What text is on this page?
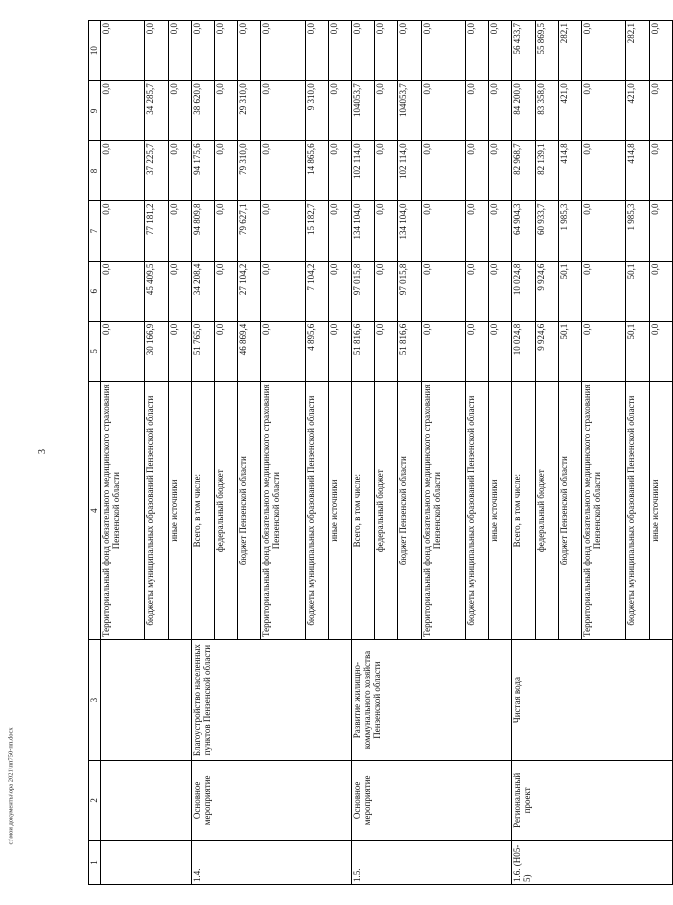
3
c:\мои документы\ора 2021\пп750-пп.docx
1	2	3	4	5	6	7	8	9	10
			Территориальный фонд обязательного медицинского страхования Пензенской области	0,0	0,0	0,0	0,0	0,0	0,0
			бюджеты муниципальных образований Пензенской области	30 166,9	45 409,5	77 181,2	37 225,7	34 285,7	0,0
			иные источники	0,0	0,0	0,0	0,0	0,0	0,0
1.4.	Основное мероприятие	Благоустройство населенных пунктов Пензенской области	Всего, в том числе:	51 765,0	34 208,4	94 809,8	94 175,6	38 620,0	0,0
			федеральный бюджет	0,0	0,0	0,0	0,0	0,0	0,0
			бюджет Пензенской области	46 869,4	27 104,2	79 627,1	79 310,0	29 310,0	0,0
			Территориальный фонд обязательного медицинского страхования Пензенской области	0,0	0,0	0,0	0,0	0,0	0,0
			бюджеты муниципальных образований Пензенской области	4 895,6	7 104,2	15 182,7	14 865,6	9 310,0	0,0
			иные источники	0,0	0,0	0,0	0,0	0,0	0,0
1.5.	Основное мероприятие	Развитие жилищно-коммунального хозяйства Пензенской области	Всего, в том числе:	51 816,6	97 015,8	134 104,0	102 114,0	104053,7	0,0
			федеральный бюджет	0,0	0,0	0,0	0,0	0,0	0,0
			бюджет Пензенской области	51 816,6	97 015,8	134 104,0	102 114,0	104053,7	0,0
			Территориальный фонд обязательного медицинского страхования Пензенской области	0,0	0,0	0,0	0,0	0,0	0,0
			бюджеты муниципальных образований Пензенской области	0,0	0,0	0,0	0,0	0,0	0,0
			иные источники	0,0	0,0	0,0	0,0	0,0	0,0
1.6. (Н05-5)	Региональный проект	Чистая вода	Всего, в том числе:	10 024,8	10 024,8	64 904,3	82 968,7	84 200,0	56 433,7
			федеральный бюджет	9 924,6	9 924,6	60 933,7	82 139,1	83 358,0	55 869,5
			бюджет Пензенской области	50,1	50,1	1 985,3	414,8	421,0	282,1
			Территориальный фонд обязательного медицинского страхования Пензенской области	0,0	0,0	0,0	0,0	0,0	0,0
			бюджеты муниципальных образований Пензенской области	50,1	50,1	1 985,3	414,8	421,0	282,1
			иные источники	0,0	0,0	0,0	0,0	0,0	0,0
